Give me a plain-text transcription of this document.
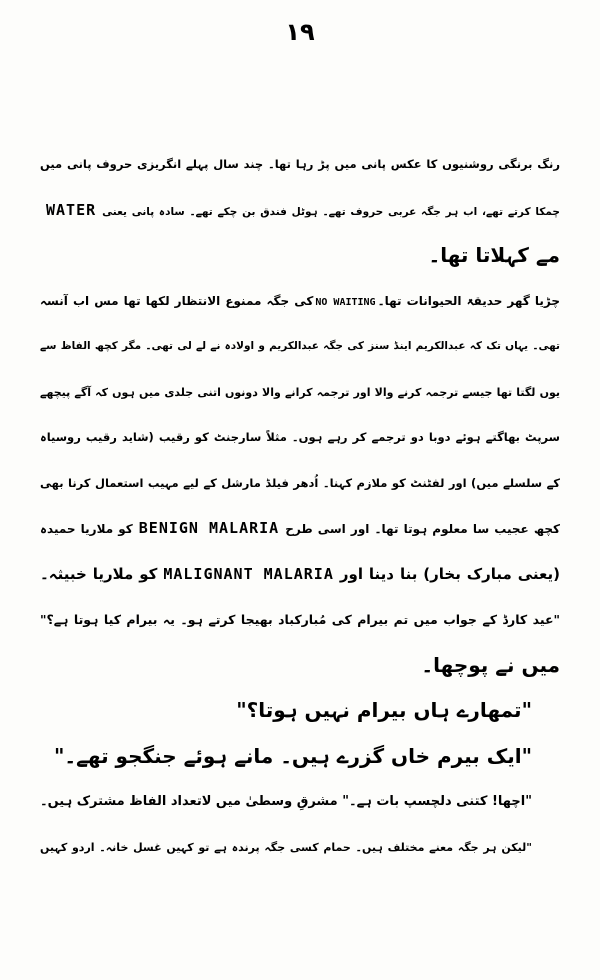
۱۹
رنگ برنگی روشنیوں کا عکس پانی میں پڑ رہا تھا۔ چند سال پہلے انگریزی حروف پانی میں
چمکا کرتے تھے، اب ہر جگہ عربی حروف تھے۔ ہوٹل فندق بن چکے تھے۔ سادہ پانی یعنیWATER
مے کہلاتا تھا۔
چڑیا گھر حدیقۃ الحیوانات تھا۔NO WAITINGکی جگہ ممنوع الانتظار لکھا تھا مس اب آنسہ
تھی۔ یہاں تک کہ عبدالکریم اینڈ سنز کی جگہ عبدالکریم و اولادہ نے لے لی تھی۔ مگر کچھ الفاظ سے
یوں لگتا تھا جیسے ترجمہ کرنے والا اور ترجمہ کرانے والا دونوں اتنی جلدی میں ہوں کہ آگے پیچھے
سرپٹ بھاگتے ہوئے دوبا دو ترجمے کر رہے ہوں۔ مثلاً سارجنٹ کو رقیب (شاید رقیب روسیاہ
کے سلسلے میں) اور لفٹنٹ کو ملازم کہنا۔ اُدھر فیلڈ مارشل کے لیے مہیب استعمال کرنا بھی
کچھ عجیب سا معلوم ہوتا تھا۔ اور اسی طرحBENIGN MALARIAکو ملاریا حمیدہ
(یعنی مبارک بخار) بنا دینا اورMALIGNANT MALARIAکو ملاریا خبیثہ۔
"عید کارڈ کے جواب میں تم بیرام کی مُبارکباد بھیجا کرتے ہو۔ یہ بیرام کیا ہوتا ہے؟"
میں نے پوچھا۔
"تمھارے ہاں بیرام نہیں ہوتا؟"
"ایک بیرم خاں گزرے ہیں۔ مانے ہوئے جنگجو تھے۔"
"اچھا! کتنی دلچسپ بات ہے۔" مشرقِ وسطیٰ میں لاتعداد الفاظ مشترک ہیں۔
"لیکن ہر جگہ معنے مختلف ہیں۔ حمام کسی جگہ پرندہ ہے تو کہیں غسل خانہ۔ اردو کہیں
